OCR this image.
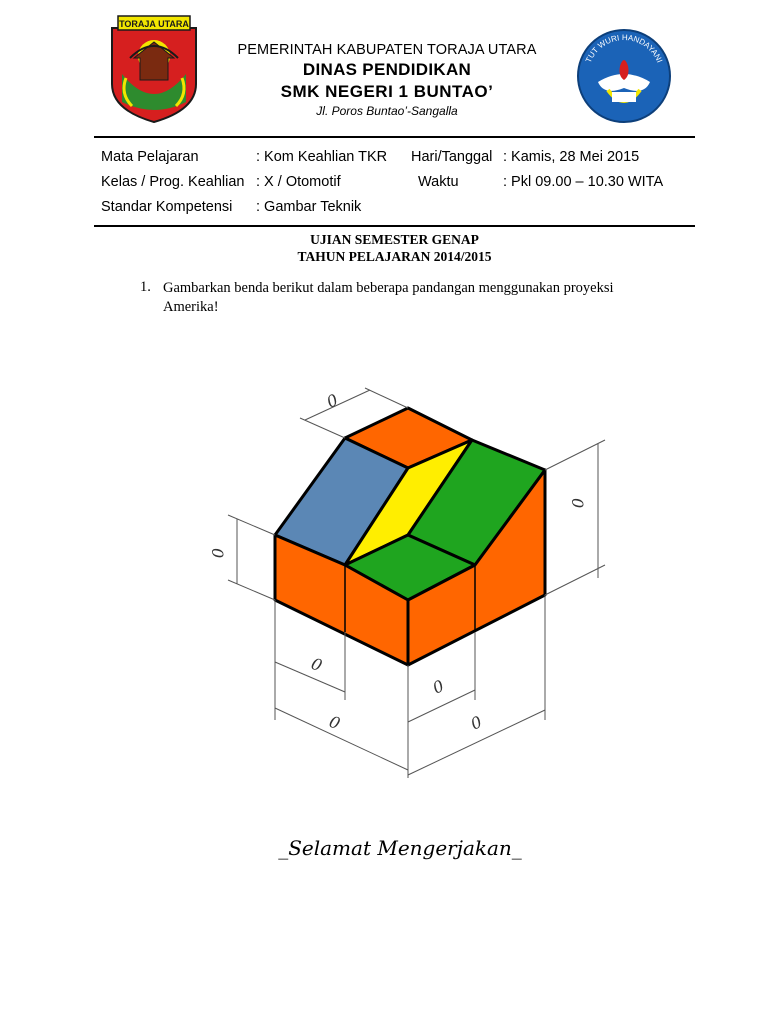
TORAJA UTARA
TUT WURI HANDAYANI
PEMERINTAH KABUPATEN TORAJA UTARA
DINAS PENDIDIKAN
SMK NEGERI 1 BUNTAO’
Jl. Poros Buntao’-Sangalla
Mata Pelajaran	: Kom Keahlian TKR Hari/Tanggal : Kamis, 28 Mei 2015
Kelas / Prog. Keahlian : X / Otomotif	Waktu	: Pkl 09.00 – 10.30 WITA
Standar Kompetensi : Gambar Teknik
UJIAN SEMESTER GENAP
TAHUN PELAJARAN 2014/2015
1. Gambarkan benda berikut dalam beberapa pandangan menggunakan proyeksi Amerika!
0
0
0
0
0
0
0
_Selamat Mengerjakan_
